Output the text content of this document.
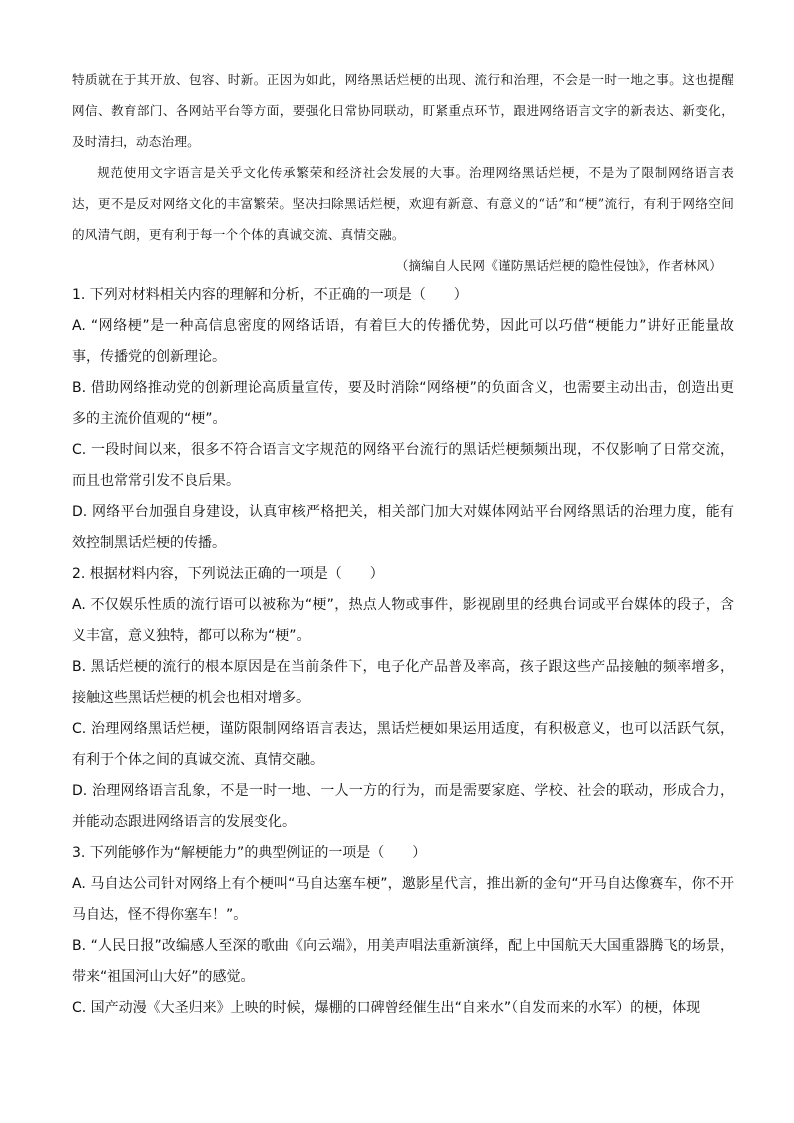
特质就在于其开放、包容、时新。正因为如此，网络黑话烂梗的出现、流行和治理，不会是一时一地之事。这也提醒网信、教育部门、各网站平台等方面，要强化日常协同联动，盯紧重点环节，跟进网络语言文字的新表达、新变化，及时清扫，动态治理。

规范使用文字语言是关乎文化传承繁荣和经济社会发展的大事。治理网络黑话烂梗，不是为了限制网络语言表达，更不是反对网络文化的丰富繁荣。坚决扫除黑话烂梗，欢迎有新意、有意义的“话”和“梗”流行，有利于网络空间的风清气朗，更有利于每一个个体的真诚交流、真情交融。

（摘编自人民网《谨防黑话烂梗的隐性侵蚀》，作者林风）

1. 下列对材料相关内容的理解和分析，不正确的一项是（　　）

A. “网络梗”是一种高信息密度的网络话语，有着巨大的传播优势，因此可以巧借“梗能力”讲好正能量故事，传播党的创新理论。

B. 借助网络推动党的创新理论高质量宣传，要及时消除“网络梗”的负面含义，也需要主动出击，创造出更多的主流价值观的“梗”。

C. 一段时间以来，很多不符合语言文字规范的网络平台流行的黑话烂梗频频出现，不仅影响了日常交流，而且也常常引发不良后果。

D. 网络平台加强自身建设，认真审核严格把关，相关部门加大对媒体网站平台网络黑话的治理力度，能有效控制黑话烂梗的传播。

2. 根据材料内容，下列说法正确的一项是（　　）

A. 不仅娱乐性质的流行语可以被称为“梗”，热点人物或事件，影视剧里的经典台词或平台媒体的段子，含义丰富，意义独特，都可以称为“梗”。

B. 黑话烂梗的流行的根本原因是在当前条件下，电子化产品普及率高，孩子跟这些产品接触的频率增多，接触这些黑话烂梗的机会也相对增多。

C. 治理网络黑话烂梗，谨防限制网络语言表达，黑话烂梗如果运用适度，有积极意义，也可以活跃气氛，有利于个体之间的真诚交流、真情交融。

D. 治理网络语言乱象，不是一时一地、一人一方的行为，而是需要家庭、学校、社会的联动，形成合力，并能动态跟进网络语言的发展变化。

3. 下列能够作为“解梗能力”的典型例证的一项是（　　）

A. 马自达公司针对网络上有个梗叫“马自达塞车梗”，邀影星代言，推出新的金句“开马自达像赛车，你不开马自达，怪不得你塞车！”。

B. “人民日报”改编感人至深的歌曲《向云端》，用美声唱法重新演绎，配上中国航天大国重器腾飞的场景，带来“祖国河山大好”的感觉。

C. 国产动漫《大圣归来》上映的时候，爆棚的口碑曾经催生出“自来水”（自发而来的水军）的梗，体现
